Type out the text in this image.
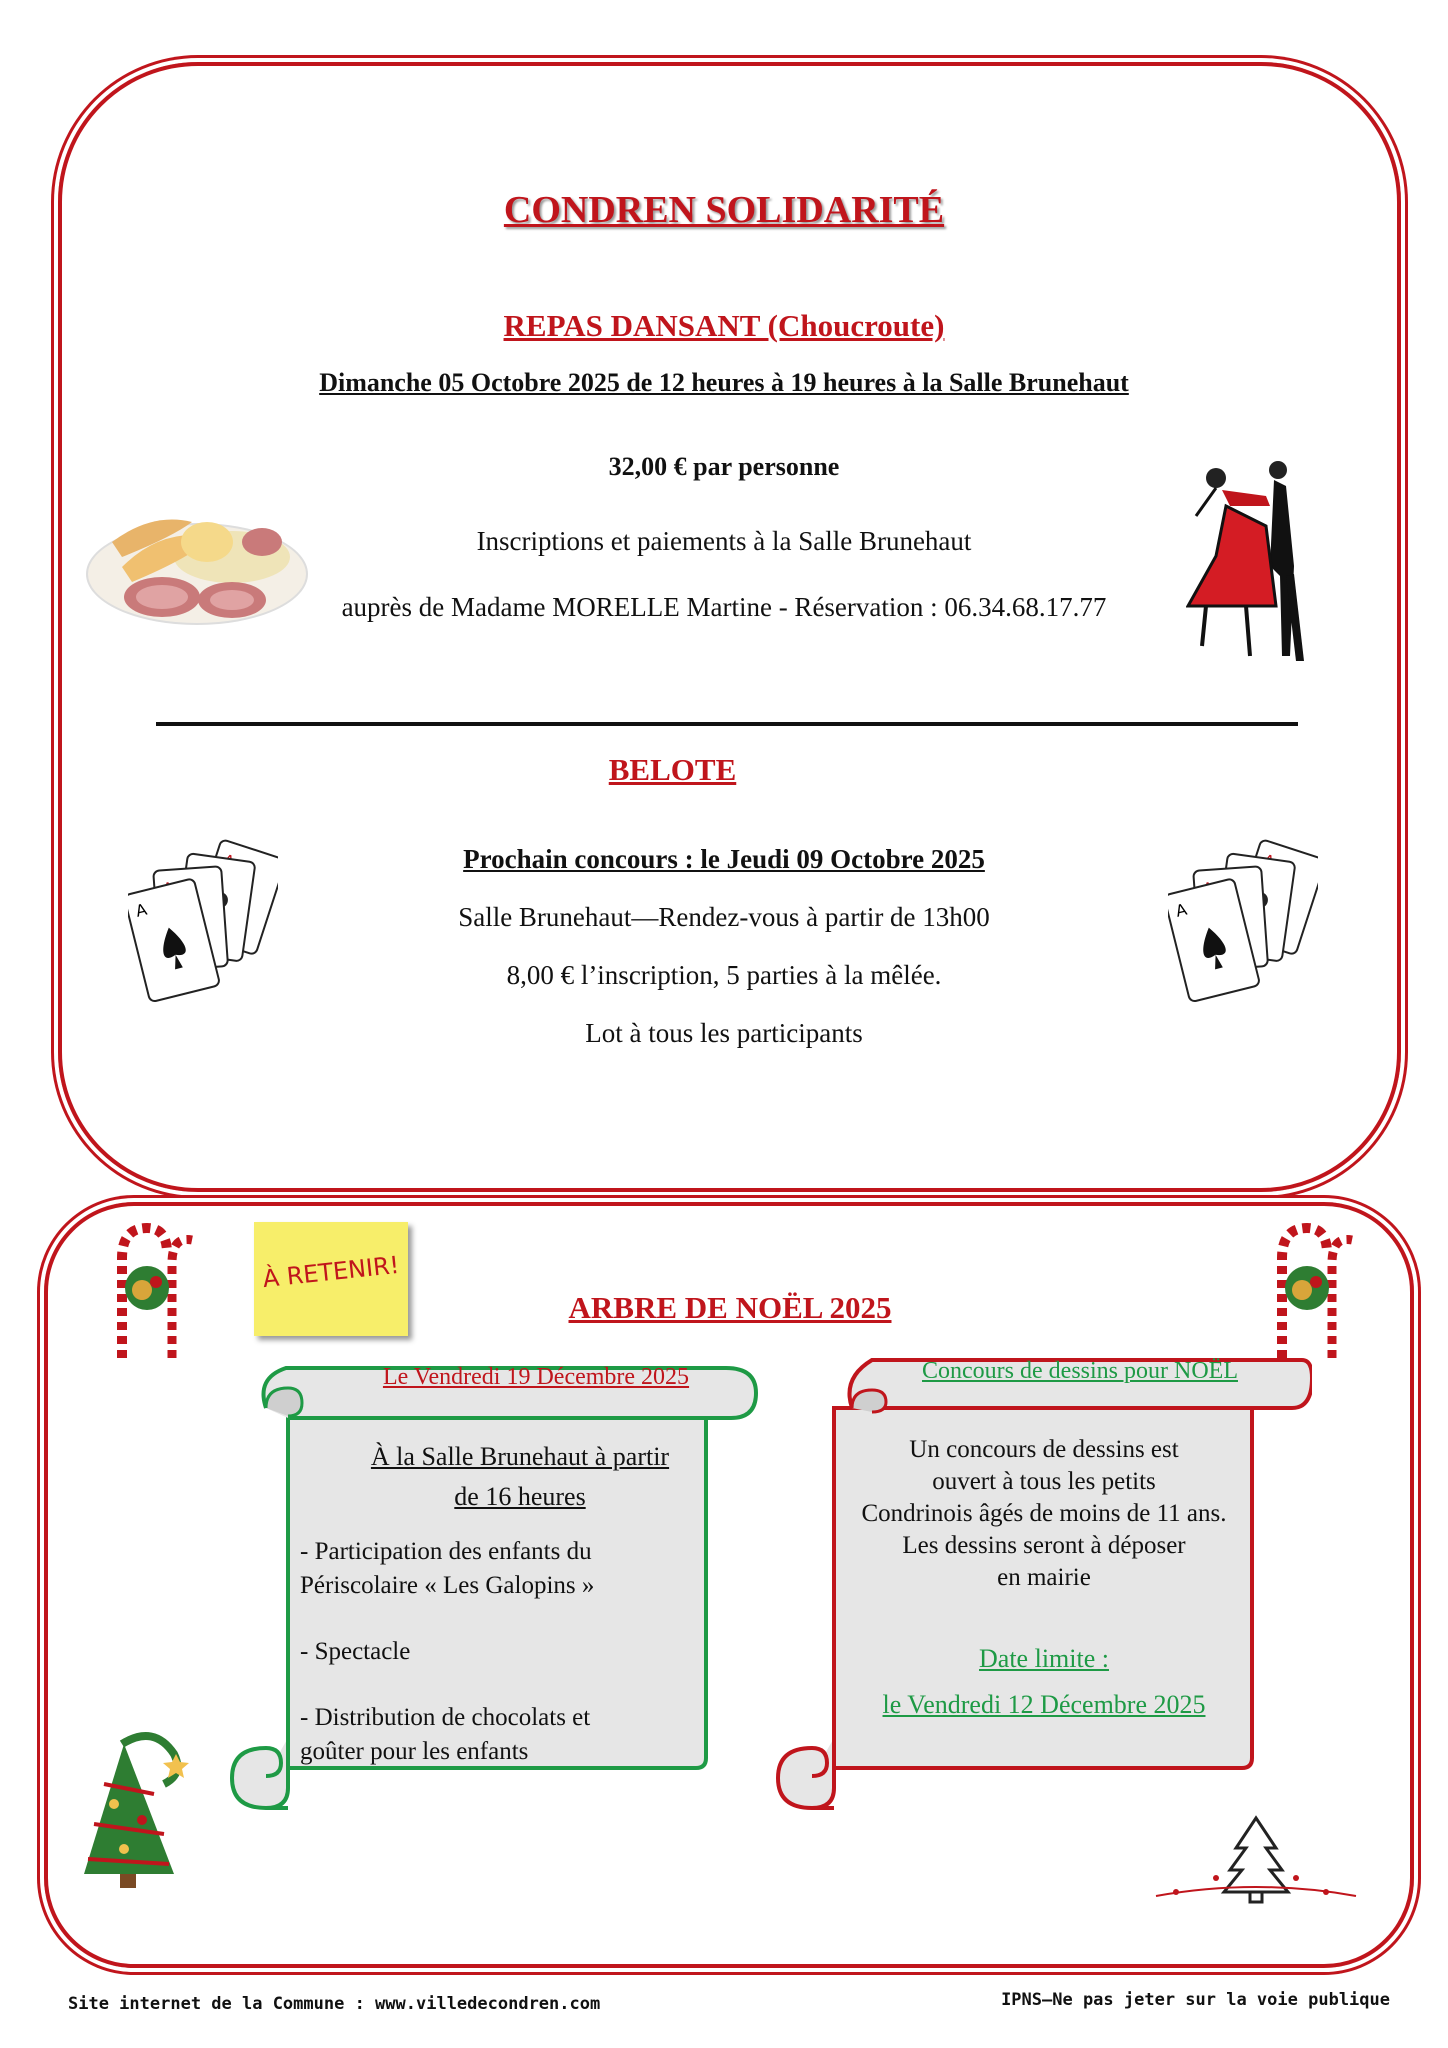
CONDREN SOLIDARITÉ
REPAS DANSANT (Choucroute)
Dimanche 05 Octobre 2025 de 12 heures à 19 heures à la Salle Brunehaut
32,00 € par personne
Inscriptions et paiements à la Salle Brunehaut
auprès de Madame MORELLE Martine - Réservation : 06.34.68.17.77
BELOTE
Prochain concours : le Jeudi 09 Octobre 2025
Salle Brunehaut—Rendez-vous à partir de 13h00
8,00 € l’inscription, 5 parties à la mêlée.
Lot à tous les participants
A	A
À RETENIR!
ARBRE DE NOËL 2025
Le Vendredi 19 Décembre 2025
À la Salle Brunehaut à partir
de 16 heures
- Participation des enfants du
Périscolaire « Les Galopins »
- Spectacle
- Distribution de chocolats et
goûter pour les enfants
Concours de dessins pour NOËL
Un concours de dessins est
ouvert à tous les petits
Condrinois âgés de moins de 11 ans.
Les dessins seront à déposer
en mairie
Date limite :
le Vendredi 12 Décembre 2025
Site internet de la Commune : www.villedecondren.com	IPNS—Ne pas jeter sur la voie publique
